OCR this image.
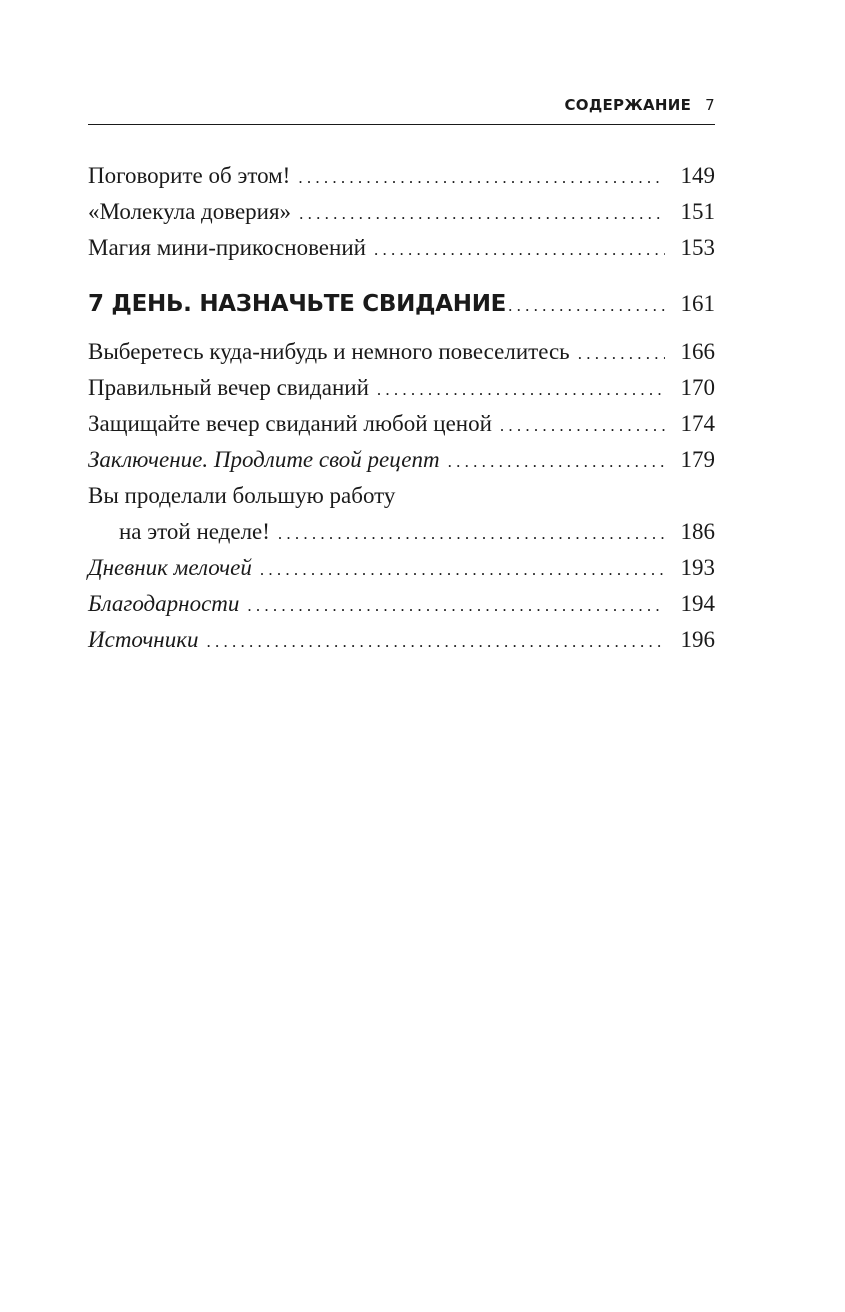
СОДЕРЖАНИЕ 7
Поговорите об этом! . . .	149
«Молекула доверия» . . .	151
Магия мини-прикосновений . . .	153
7 ДЕНЬ. НАЗНАЧЬТЕ СВИДАНИЕ . . .	161
Выберетесь куда-нибудь и немного повеселитесь . . .	166
Правильный вечер свиданий . . .	170
Защищайте вечер свиданий любой ценой . . .	174
Заключение. Продлите свой рецепт . . .	179
Вы проделали большую работу
на этой неделе! . . .	186
Дневник мелочей . . .	193
Благодарности . . .	194
Источники . . .	196
